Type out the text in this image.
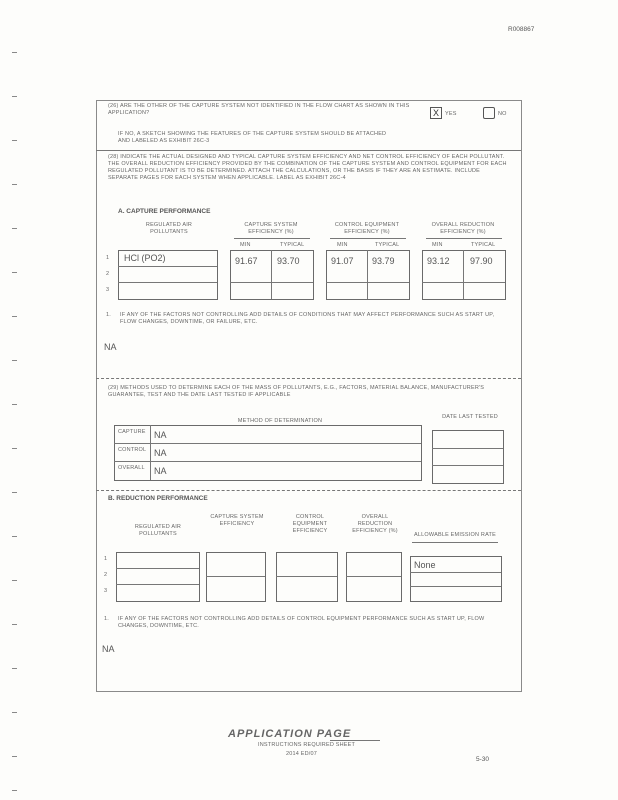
R008867
(26) ARE THE OTHER OF THE CAPTURE SYSTEM NOT IDENTIFIED IN THE FLOW CHART AS SHOWN IN THIS APPLICATION?	X	YES	NO
IF NO, A SKETCH SHOWING THE FEATURES OF THE CAPTURE SYSTEM SHOULD BE ATTACHED AND LABELED AS EXHIBIT 26C-3
(28) INDICATE THE ACTUAL DESIGNED AND TYPICAL CAPTURE SYSTEM EFFICIENCY AND NET CONTROL EFFICIENCY OF EACH POLLUTANT. THE OVERALL REDUCTION EFFICIENCY PROVIDED BY THE COMBINATION OF THE CAPTURE SYSTEM AND CONTROL EQUIPMENT FOR EACH REGULATED POLLUTANT IS TO BE DETERMINED. ATTACH THE CALCULATIONS, OR THE BASIS IF THEY ARE AN ESTIMATE. INCLUDE SEPARATE PAGES FOR EACH SYSTEM WHEN APPLICABLE. LABEL AS EXHIBIT 26C-4
A. CAPTURE PERFORMANCE
REGULATED AIR POLLUTANTS
CAPTURE SYSTEM EFFICIENCY (%)
CONTROL EQUIPMENT EFFICIENCY (%)
OVERALL REDUCTION EFFICIENCY (%)
MIN	TYPICAL	MIN	TYPICAL	MIN	TYPICAL
1 HCl (PO2)	91.67 93.70	91.07 93.79	93.12 97.90
2
3
1. IF ANY OF THE FACTORS NOT CONTROLLING ADD DETAILS OF CONDITIONS THAT MAY AFFECT PERFORMANCE SUCH AS START UP, FLOW CHANGES, DOWNTIME, OR FAILURE, ETC.
NA
(29) METHODS USED TO DETERMINE EACH OF THE MASS OF POLLUTANTS, E.G., FACTORS, MATERIAL BALANCE, MANUFACTURER'S GUARANTEE, TEST AND THE DATE LAST TESTED IF APPLICABLE
METHOD OF DETERMINATION
DATE LAST TESTED
CAPTURE NA
CONTROL NA
OVERALL NA
B. REDUCTION PERFORMANCE
REGULATED AIR POLLUTANTS
CAPTURE SYSTEM EFFICIENCY
CONTROL EQUIPMENT EFFICIENCY
OVERALL REDUCTION EFFICIENCY (%)
ALLOWABLE EMISSION RATE
1
None
2
3
1. IF ANY OF THE FACTORS NOT CONTROLLING ADD DETAILS OF CONTROL EQUIPMENT PERFORMANCE SUCH AS START UP, FLOW CHANGES, DOWNTIME, ETC.
NA
APPLICATION PAGE
INSTRUCTIONS REQUIRED SHEET
2014 ED/07
5-30
